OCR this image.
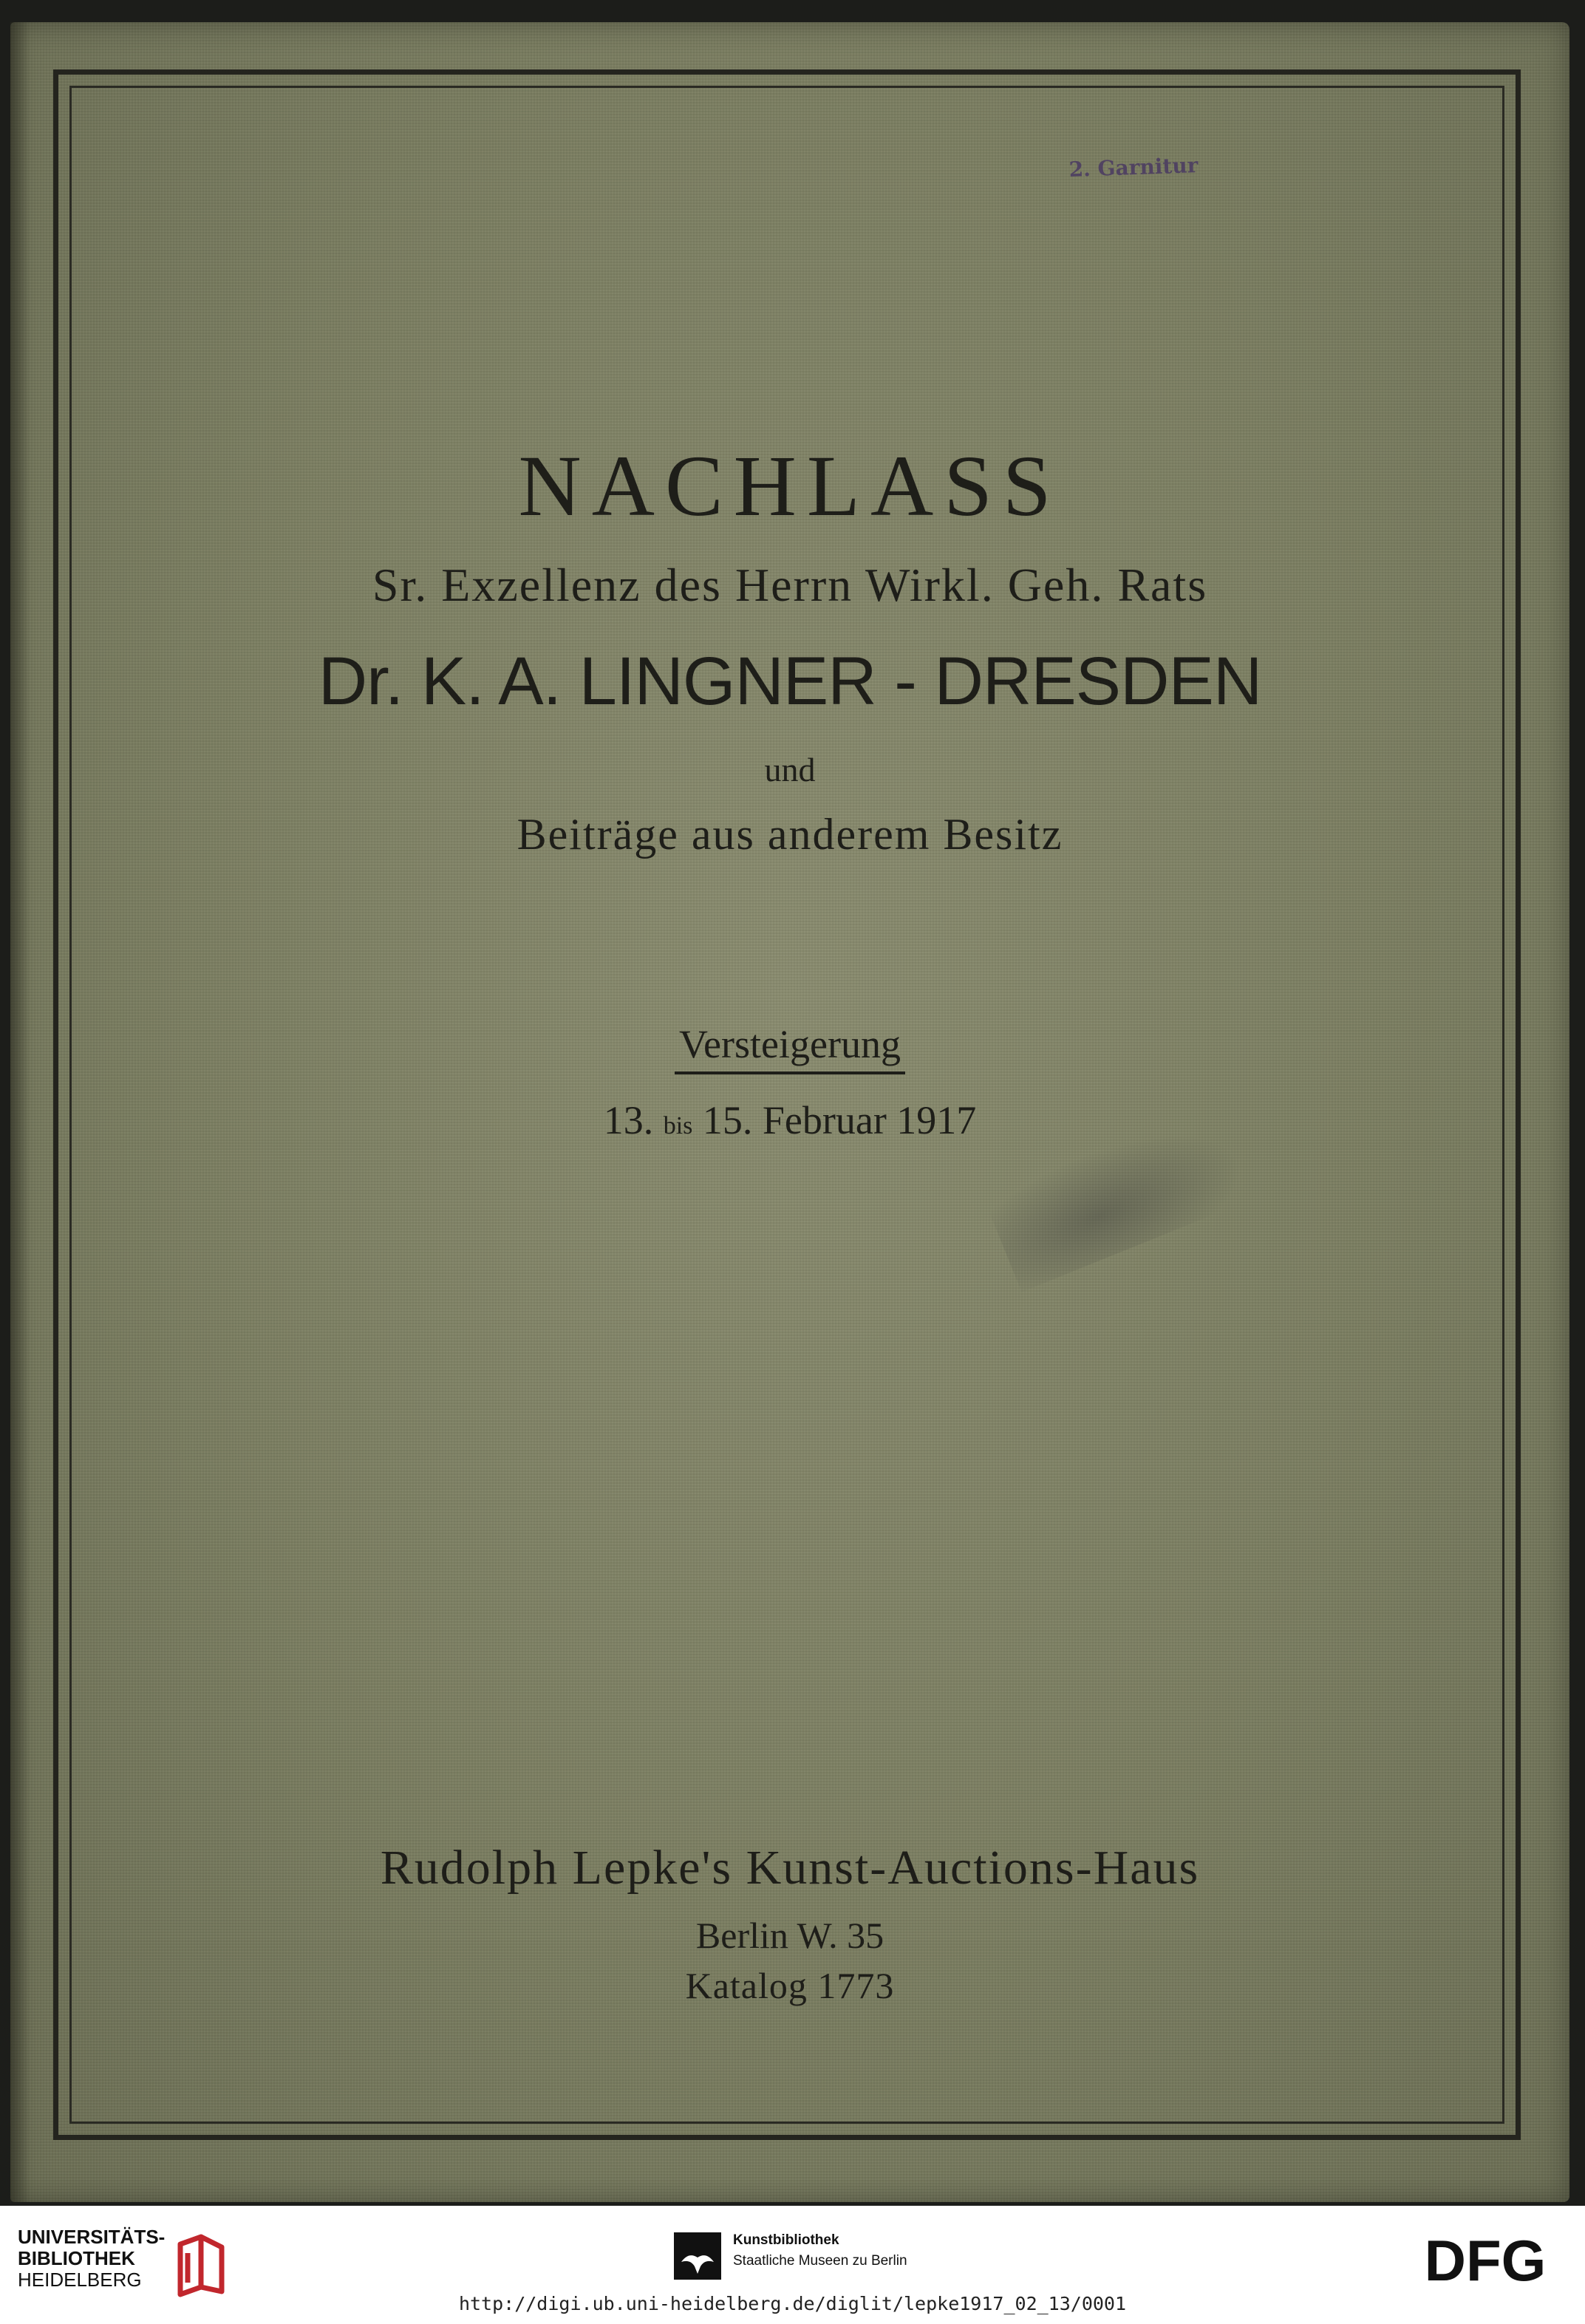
2. Garnitur
NACHLASS
Sr. Exzellenz des Herrn Wirkl. Geh. Rats
Dr. K. A. LINGNER - DRESDEN
und
Beiträge aus anderem Besitz
Versteigerung
13. bis 15. Februar 1917
Rudolph Lepke's Kunst-Auctions-Haus
Berlin W. 35
Katalog 1773
UNIVERSITÄTS-
BIBLIOTHEK
HEIDELBERG
Kunstbibliothek
Staatliche Museen zu Berlin	DFG
http://digi.ub.uni-heidelberg.de/diglit/lepke1917_02_13/0001
